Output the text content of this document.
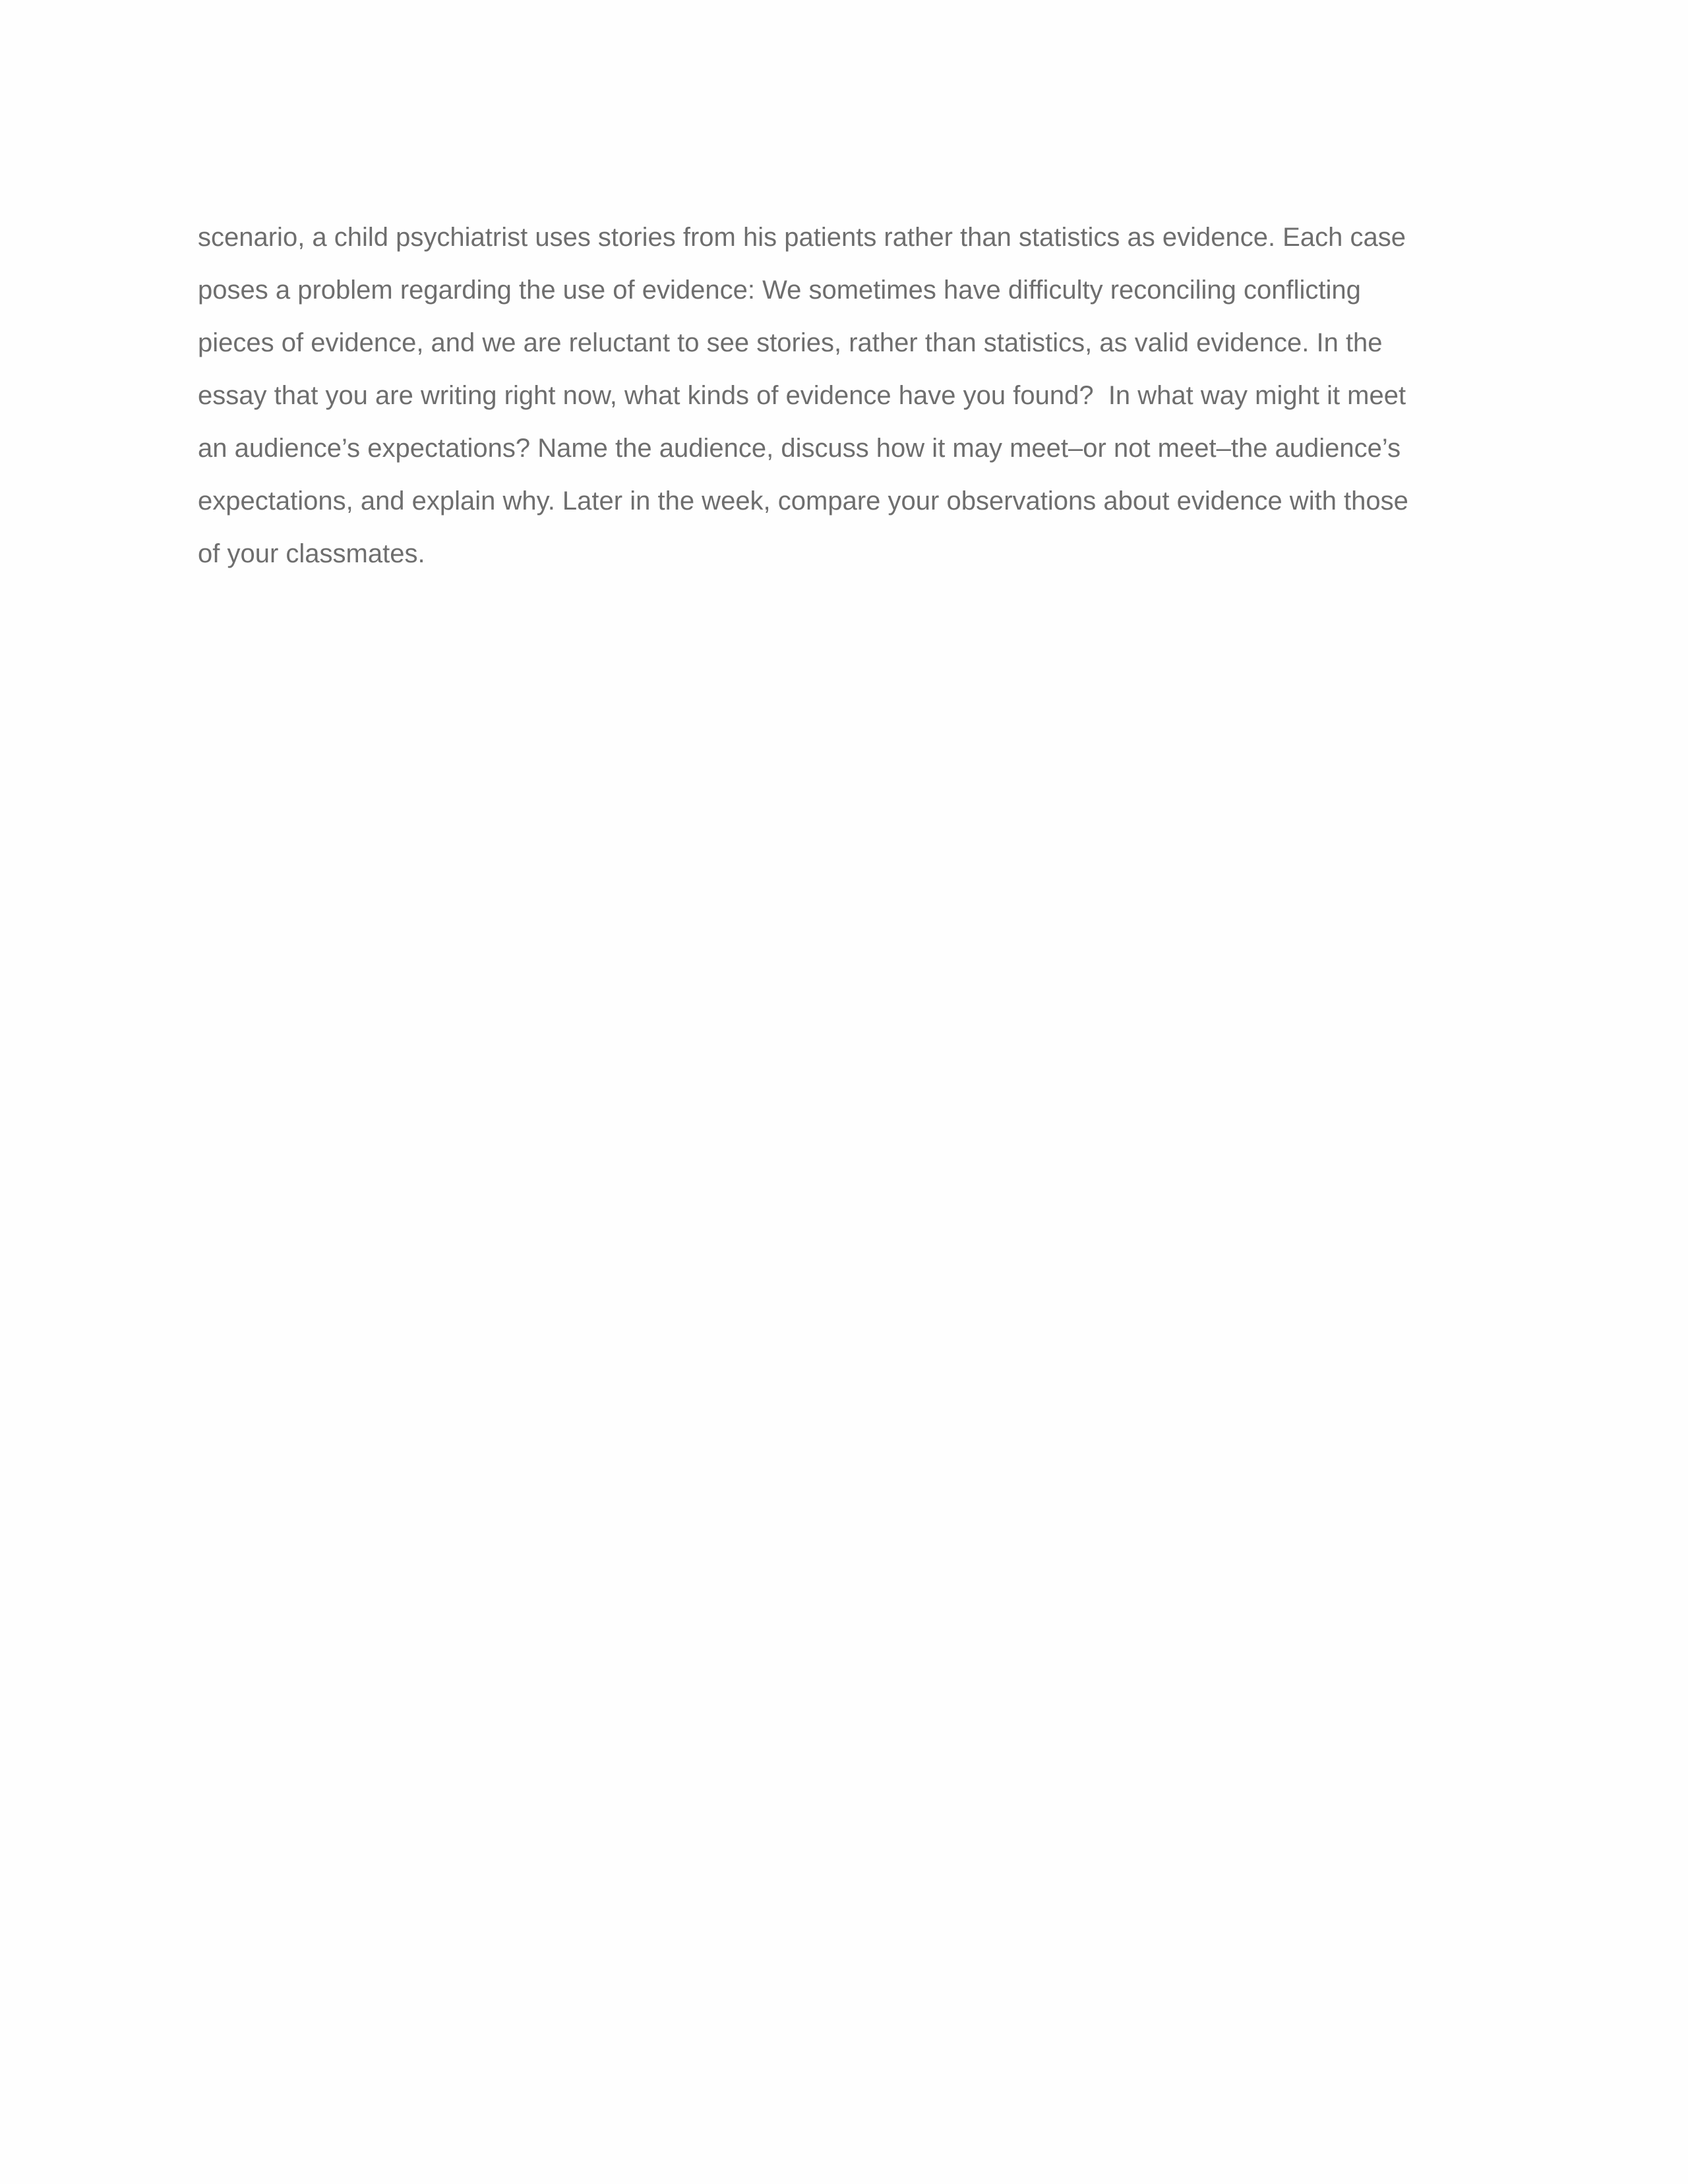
scenario, a child psychiatrist uses stories from his patients rather than statistics as evidence. Each case
poses a problem regarding the use of evidence: We sometimes have difficulty reconciling conflicting
pieces of evidence, and we are reluctant to see stories, rather than statistics, as valid evidence. In the
essay that you are writing right now, what kinds of evidence have you found?  In what way might it meet
an audience’s expectations? Name the audience, discuss how it may meet–or not meet–the audience’s
expectations, and explain why. Later in the week, compare your observations about evidence with those
of your classmates.
